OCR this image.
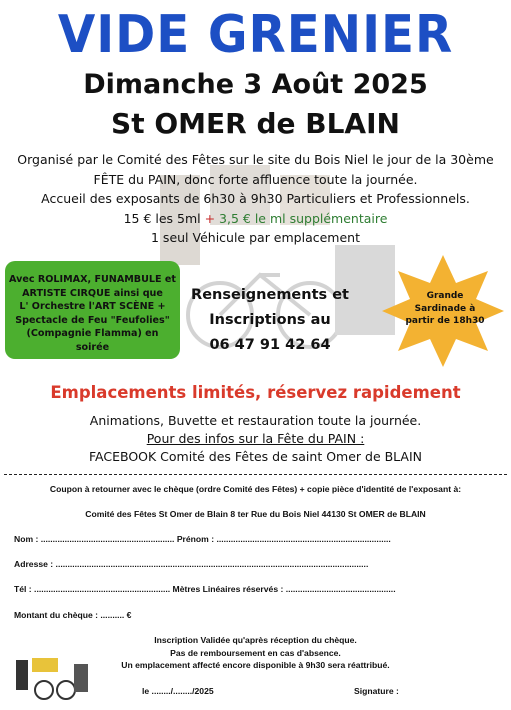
VIDE GRENIER
Dimanche 3 Août 2025
St OMER de BLAIN
Organisé par le Comité des Fêtes sur le site du Bois Niel le jour de la 30ème
FÊTE du PAIN, donc forte affluence toute la journée.
Accueil des exposants de 6h30 à 9h30 Particuliers et Professionnels.
15 € les 5ml + 3,5 € le ml supplémentaire
1 seul Véhicule par emplacement
Avec ROLIMAX, FUNAMBULE et
ARTISTE CIRQUE ainsi que
L' Orchestre l'ART SCÈNE +
Spectacle de Feu "Feufolies"
(Compagnie Flamma) en soirée
Renseignements et
Inscriptions au
06 47 91 42 64
Grande
Sardinade à
partir de 18h30
Emplacements limités, réservez rapidement
Animations, Buvette et restauration toute la journée.
Pour des infos sur la Fête du PAIN :
FACEBOOK Comité des Fêtes de saint Omer de BLAIN
Coupon à retourner avec le chèque (ordre Comité des Fêtes) + copie pièce d'identité de l'exposant à:
Comité des Fêtes St Omer de Blain 8 ter Rue du Bois Niel 44130 St OMER de BLAIN
Nom : ........................................................ Prénom : .........................................................................
Adresse : ...................................................................................................................................
Tél : ......................................................... Mètres Linéaires réservés : ..............................................
Montant du chèque : .......... €
Inscription Validée qu'après réception du chèque.
Pas de remboursement en cas d'absence.
Un emplacement affecté encore disponible à 9h30 sera réattribué.
le ......../......../2025	Signature :
